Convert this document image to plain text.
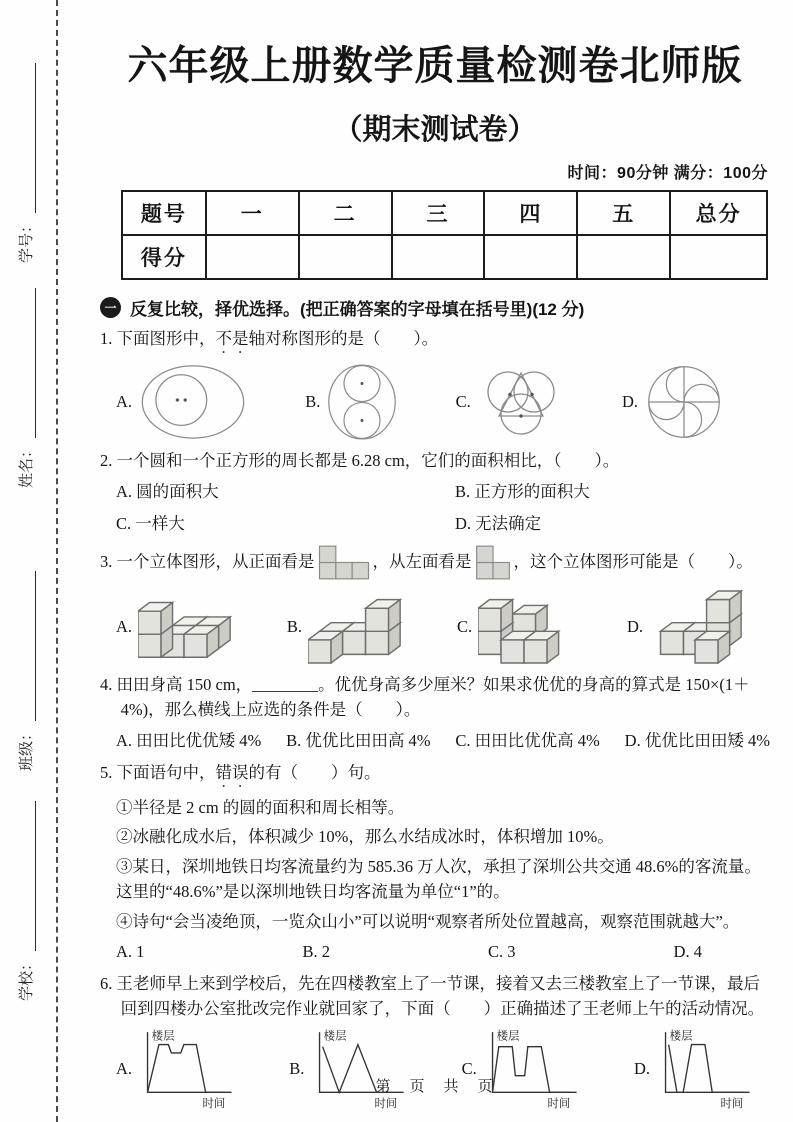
学号：
姓名：
班级：
学校：
六年级上册数学质量检测卷北师版
（期末测试卷）
时间：90分钟 满分：100分
题号	一	二	三	四	五	总分
得分						
一 反复比较，择优选择。(把正确答案的字母填在括号里)(12 分)

1. 下面图形中，不是轴对称图形的是（　　）。

A.	B.	C.	D.

2. 一个圆和一个正方形的周长都是 6.28 cm，它们的面积相比，（　　）。

A. 圆的面积大	B. 正方形的面积大
C. 一样大	D. 无法确定
3. 一个立体图形，从正面看是	，从左面看是	，这个立体图形可能是（　　）。
A.	B.	C.	D.

4. 田田身高 150 cm，________。优优身高多少厘米？如果求优优的身高的算式是 150×(1＋4%)，那么横线上应选的条件是（　　）。

A. 田田比优优矮 4% B. 优优比田田高 4% C. 田田比优优高 4% D. 优优比田田矮 4%

5. 下面语句中，错误的有（　　）句。

①半径是 2 cm 的圆的面积和周长相等。

②冰融化成水后，体积减少 10%，那么水结成冰时，体积增加 10%。

③某日，深圳地铁日均客流量约为 585.36 万人次，承担了深圳公共交通 48.6%的客流量。这里的“48.6%”是以深圳地铁日均客流量为单位“1”的。

④诗句“会当凌绝顶，一览众山小”可以说明“观察者所处位置越高，观察范围就越大”。

A. 1	B. 2	C. 3	D. 4

6. 王老师早上来到学校后，先在四楼教室上了一节课，接着又去三楼教室上了一节课，最后回到四楼办公室批改完作业就回家了，下面（　　）正确描述了王老师上午的活动情况。

A.
楼层
时间
B.
楼层
时间
C.
楼层
时间
D.
楼层
时间
第　页　共　页
